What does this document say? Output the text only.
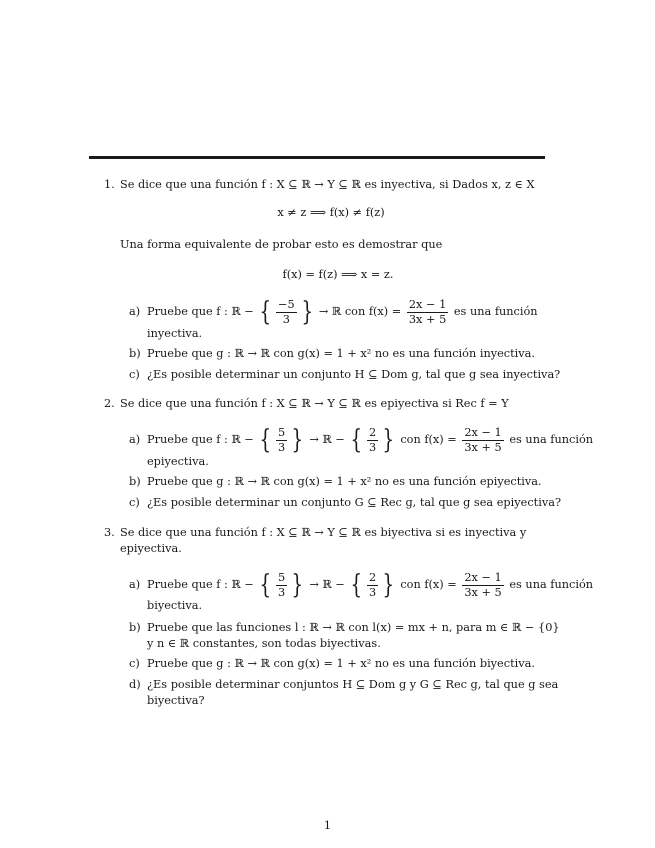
1. Se dice que una función f : X ⊆ ℝ → Y ⊆ ℝ es inyectiva, si Dados x, z ∈ X
x ≠ z ⟹ f(x) ≠ f(z)
Una forma equivalente de probar esto es demostrar que
f(x) = f(z) ⟹ x = z.
a) Pruebe que f : ℝ − { $\frac{-5}{3}$ } → ℝ con $f(x) = \frac{2x - 1}{3x + 5}$ es una función
inyectiva.
b) Pruebe que g : ℝ → ℝ con g(x) = 1 + x² no es una función inyectiva.
c) ¿Es posible determinar un conjunto H ⊆ Dom g, tal que g sea inyectiva?
2. Se dice que una función f : X ⊆ ℝ → Y ⊆ ℝ es epiyectiva si Rec f = Y
a) Pruebe que f : ℝ − { $\frac{5}{3}$ } → ℝ − { $\frac{2}{3}$ } con $f(x) = \frac{2x - 1}{3x + 5}$ es una función
epiyectiva.
b) Pruebe que g : ℝ → ℝ con g(x) = 1 + x² no es una función epiyectiva.
c) ¿Es posible determinar un conjunto G ⊆ Rec g, tal que g sea epiyectiva?
3. Se dice que una función f : X ⊆ ℝ → Y ⊆ ℝ es biyectiva si es inyectiva y
epiyectiva.
a) Pruebe que f : ℝ − { $\frac{5}{3}$ } → ℝ − { $\frac{2}{3}$ } con $f(x) = \frac{2x - 1}{3x + 5}$ es una función
biyectiva.
b) Pruebe que las funciones l : ℝ → ℝ con l(x) = mx + n, para m ∈ ℝ − {0}
y n ∈ ℝ constantes, son todas biyectivas.
c) Pruebe que g : ℝ → ℝ con g(x) = 1 + x² no es una función biyectiva.
d) ¿Es posible determinar conjuntos H ⊆ Dom g y G ⊆ Rec g, tal que g sea
biyectiva?
1
